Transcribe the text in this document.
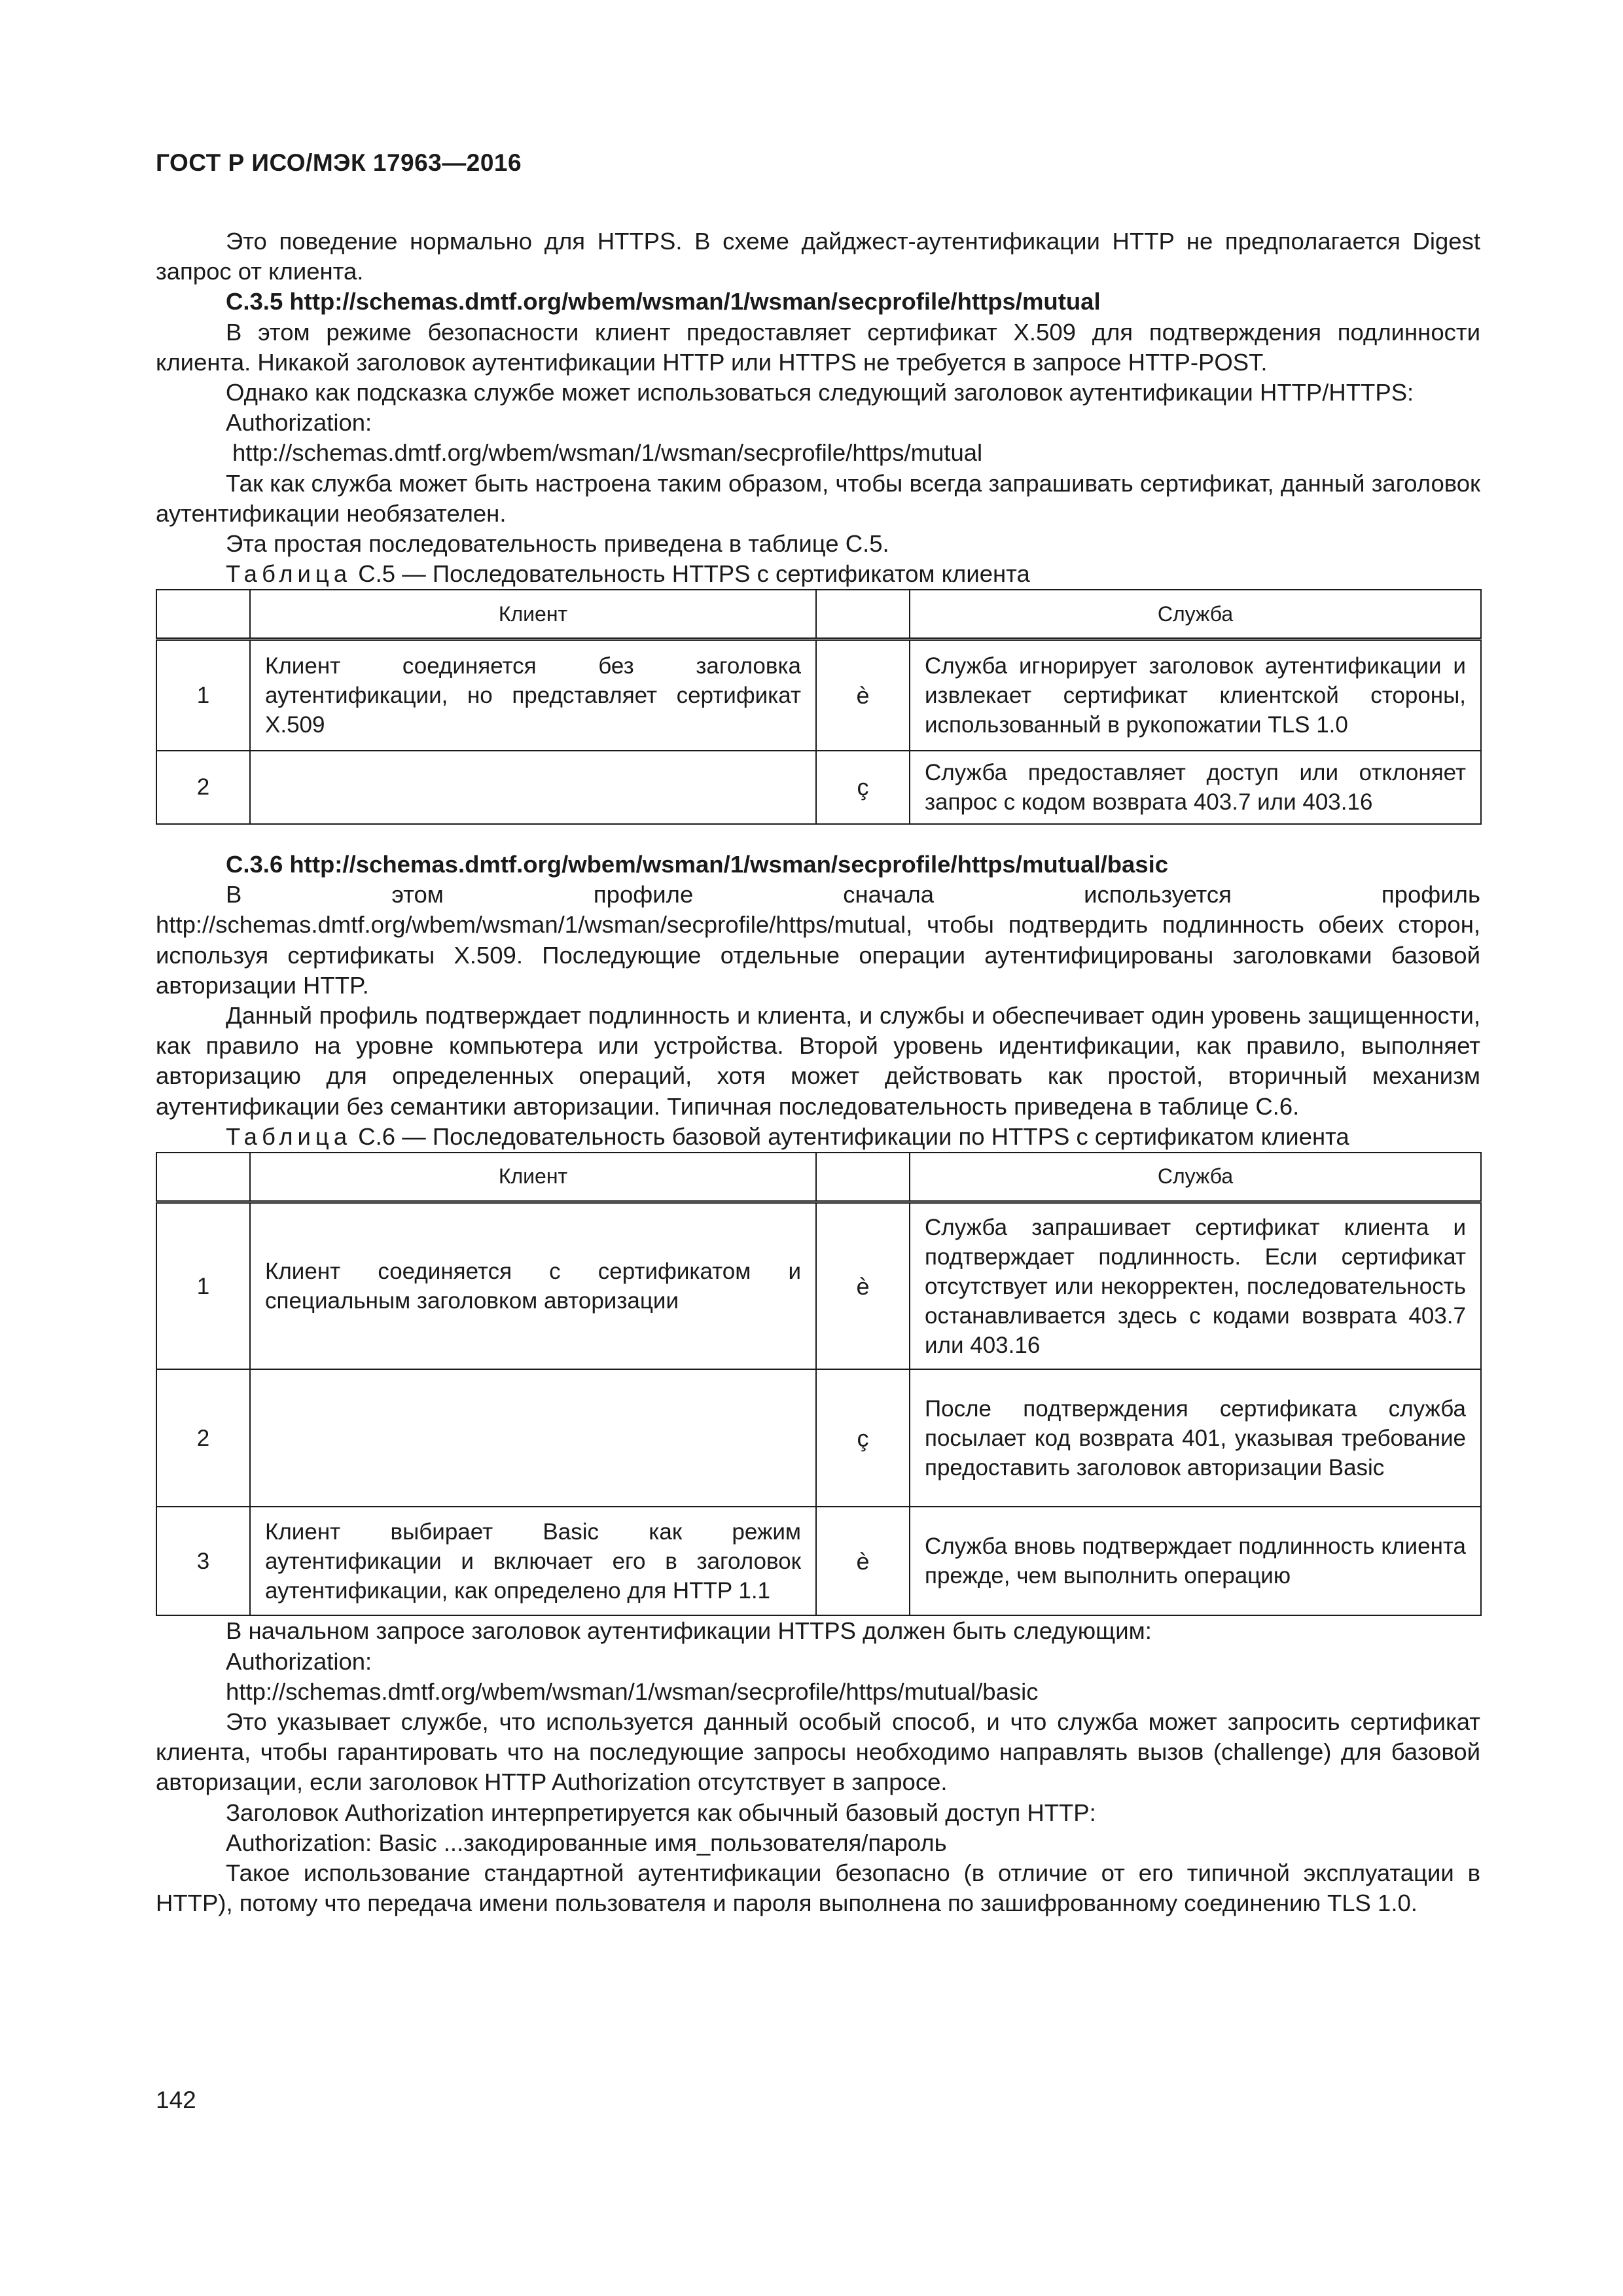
ГОСТ Р ИСО/МЭК 17963—2016

Это поведение нормально для HTTPS. В схеме дайджест-аутентификации HTTP не предполагается Digest запрос от клиента.

C.3.5 http://schemas.dmtf.org/wbem/wsman/1/wsman/secprofile/https/mutual

В этом режиме безопасности клиент предоставляет сертификат X.509 для подтверждения подлинности клиента. Никакой заголовок аутентификации HTTP или HTTPS не требуется в запросе HTTP-POST.

Однако как подсказка службе может использоваться следующий заголовок аутентификации HTTP/HTTPS:

Authorization:

http://schemas.dmtf.org/wbem/wsman/1/wsman/secprofile/https/mutual

Так как служба может быть настроена таким образом, чтобы всегда запрашивать сертификат, данный заголовок аутентификации необязателен.

Эта простая последовательность приведена в таблице C.5.

Таблица C.5 — Последовательность HTTPS с сертификатом клиента

	Клиент		Служба
1	Клиент соединяется без заголовка аутентификации, но представляет сертификат X.509	è	Служба игнорирует заголовок аутентификации и извлекает сертификат клиентской стороны, использованный в рукопожатии TLS 1.0
2		ç	Служба предоставляет доступ или отклоняет запрос с кодом возврата 403.7 или 403.16

C.3.6 http://schemas.dmtf.org/wbem/wsman/1/wsman/secprofile/https/mutual/basic

В этом профиле сначала используется профиль http://schemas.dmtf.org/wbem/wsman/1/wsman/secprofile/https/mutual, чтобы подтвердить подлинность обеих сторон, используя сертификаты X.509. Последующие отдельные операции аутентифицированы заголовками базовой авторизации HTTP.

Данный профиль подтверждает подлинность и клиента, и службы и обеспечивает один уровень защищенности, как правило на уровне компьютера или устройства. Второй уровень идентификации, как правило, выполняет авторизацию для определенных операций, хотя может действовать как простой, вторичный механизм аутентификации без семантики авторизации. Типичная последовательность приведена в таблице C.6.

Таблица C.6 — Последовательность базовой аутентификации по HTTPS с сертификатом клиента

	Клиент		Служба
1	Клиент соединяется с сертификатом и специальным заголовком авторизации	è	Служба запрашивает сертификат клиента и подтверждает подлинность. Если сертификат отсутствует или некорректен, последовательность останавливается здесь с кодами возврата 403.7 или 403.16
2		ç	После подтверждения сертификата служба посылает код возврата 401, указывая требование предоставить заголовок авторизации Basic
3	Клиент выбирает Basic как режим аутентификации и включает его в заголовок аутентификации, как определено для HTTP 1.1	è	Служба вновь подтверждает подлинность клиента прежде, чем выполнить операцию

В начальном запросе заголовок аутентификации HTTPS должен быть следующим:

Authorization:

http://schemas.dmtf.org/wbem/wsman/1/wsman/secprofile/https/mutual/basic

Это указывает службе, что используется данный особый способ, и что служба может запросить сертификат клиента, чтобы гарантировать что на последующие запросы необходимо направлять вызов (challenge) для базовой авторизации, если заголовок HTTP Authorization отсутствует в запросе.

Заголовок Authorization интерпретируется как обычный базовый доступ HTTP:

Authorization: Basic ...закодированные имя_пользователя/пароль

Такое использование стандартной аутентификации безопасно (в отличие от его типичной эксплуатации в HTTP), потому что передача имени пользователя и пароля выполнена по зашифрованному соединению TLS 1.0.

142
